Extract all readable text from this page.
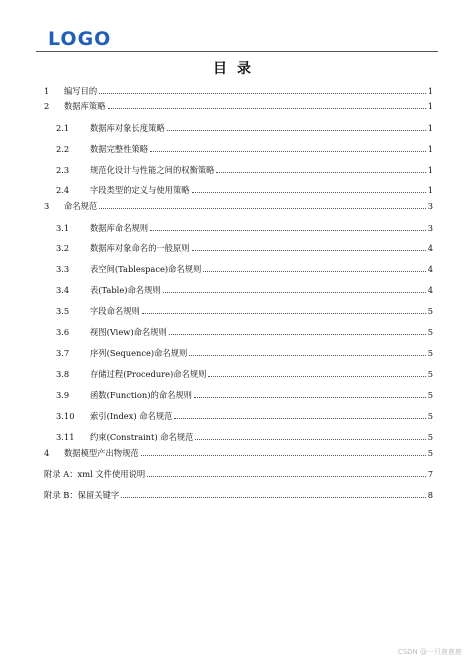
LOGO
目录
1	编写目的	1
2	数据库策略	1
2.1	数据库对象长度策略	1
2.2	数据完整性策略	1
2.3	规范化设计与性能之间的权衡策略	1
2.4	字段类型的定义与使用策略	1
3	命名规范	3
3.1	数据库命名规则	3
3.2	数据库对象命名的一般原则	4
3.3	表空间(Tablespace)命名规则	4
3.4	表(Table)命名规则	4
3.5	字段命名规则	5
3.6	视图(View)命名规则	5
3.7	序列(Sequence)命名规则	5
3.8	存储过程(Procedure)命名规则	5
3.9	函数(Function)的命名规则	5
3.10	索引(Index) 命名规范	5
3.11	约束(Constraint) 命名规范	5
4	数据模型产出物规范	5
附录 A：xml 文件使用说明	7
附录 B：保留关键字	8
CSDN @一只鹿鹿鹿
